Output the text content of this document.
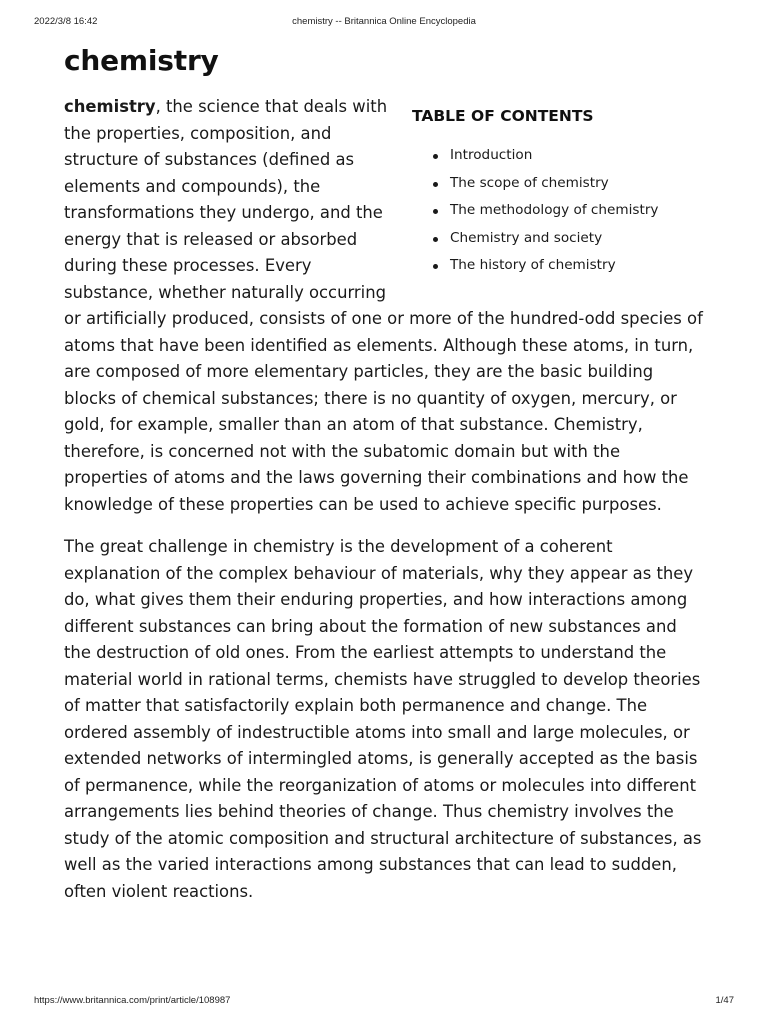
2022/3/8 16:42	chemistry -- Britannica Online Encyclopedia
chemistry
TABLE OF CONTENTS
Introduction
The scope of chemistry
The methodology of chemistry
Chemistry and society
The history of chemistry

chemistry, the science that deals with the properties, composition, and structure of substances (defined as elements and compounds), the transformations they undergo, and the energy that is released or absorbed during these processes. Every substance, whether naturally occurring or artificially produced, consists of one or more of the hundred-odd species of atoms that have been identified as elements. Although these atoms, in turn, are composed of more elementary particles, they are the basic building blocks of chemical substances; there is no quantity of oxygen, mercury, or gold, for example, smaller than an atom of that substance. Chemistry, therefore, is concerned not with the subatomic domain but with the properties of atoms and the laws governing their combinations and how the knowledge of these properties can be used to achieve specific purposes.

The great challenge in chemistry is the development of a coherent explanation of the complex behaviour of materials, why they appear as they do, what gives them their enduring properties, and how interactions among different substances can bring about the formation of new substances and the destruction of old ones. From the earliest attempts to understand the material world in rational terms, chemists have struggled to develop theories of matter that satisfactorily explain both permanence and change. The ordered assembly of indestructible atoms into small and large molecules, or extended networks of intermingled atoms, is generally accepted as the basis of permanence, while the reorganization of atoms or molecules into different arrangements lies behind theories of change. Thus chemistry involves the study of the atomic composition and structural architecture of substances, as well as the varied interactions among substances that can lead to sudden, often violent reactions.

https://www.britannica.com/print/article/108987	1/47
